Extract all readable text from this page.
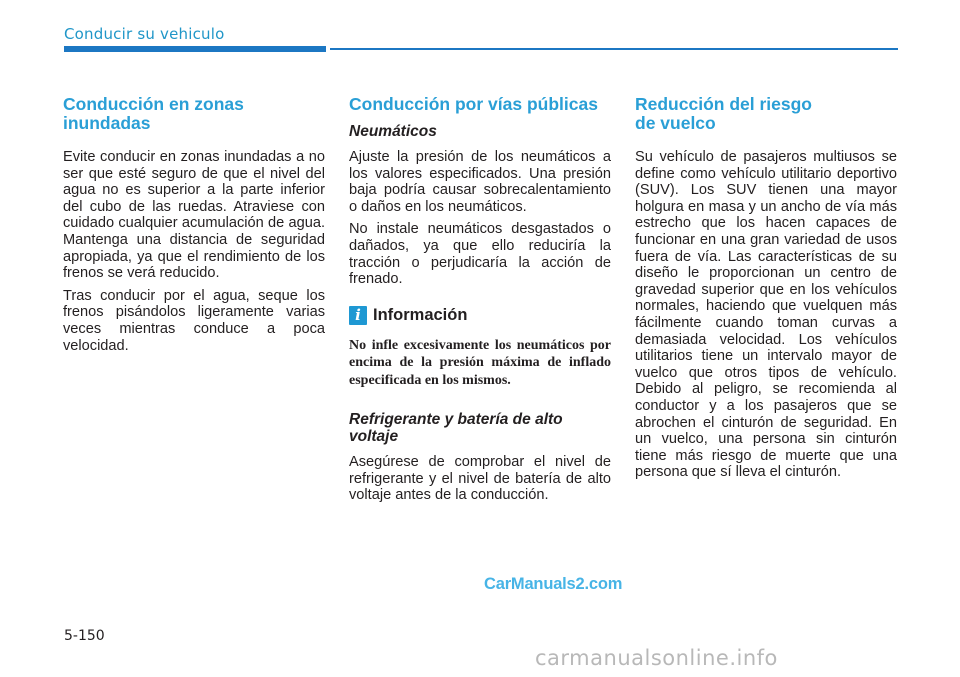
Conducir su vehiculo
Conducción en zonas
inundadas

Evite conducir en zonas inundadas a no ser que esté seguro de que el nivel del agua no es superior a la parte inferior del cubo de las ruedas. Atraviese con cuidado cualquier acumulación de agua. Mantenga una distancia de seguridad apropiada, ya que el rendimiento de los frenos se verá reducido.

Tras conducir por el agua, seque los frenos pisándolos ligeramente varias veces mientras conduce a poca velocidad.

Conducción por vías públicas
Neumáticos

Ajuste la presión de los neumáticos a los valores especificados. Una presión baja podría causar sobrecalentamiento o daños en los neumáticos.

No instale neumáticos desgastados o dañados, ya que ello reduciría la tracción o perjudicaría la acción de frenado.

i Información

No infle excesivamente los neumáticos por encima de la presión máxima de inflado especificada en los mismos.

Refrigerante y batería de alto
voltaje

Asegúrese de comprobar el nivel de refrigerante y el nivel de batería de alto voltaje antes de la conducción.

Reducción del riesgo
de vuelco

Su vehículo de pasajeros multiusos se define como vehículo utilitario deportivo (SUV). Los SUV tienen una mayor holgura en masa y un ancho de vía más estrecho que los hacen capaces de funcionar en una gran variedad de usos fuera de vía. Las características de su diseño le proporcionan un centro de gravedad superior que en los vehículos normales, haciendo que vuelquen más fácilmente cuando toman curvas a demasiada velocidad. Los vehículos utilitarios tiene un intervalo mayor de vuelco que otros tipos de vehículo. Debido al peligro, se recomienda al conductor y a los pasajeros que se abrochen el cinturón de seguridad. En un vuelco, una persona sin cinturón tiene más riesgo de muerte que una persona que sí lleva el cinturón.

CarManuals2.com
5-150
carmanualsonline.info
